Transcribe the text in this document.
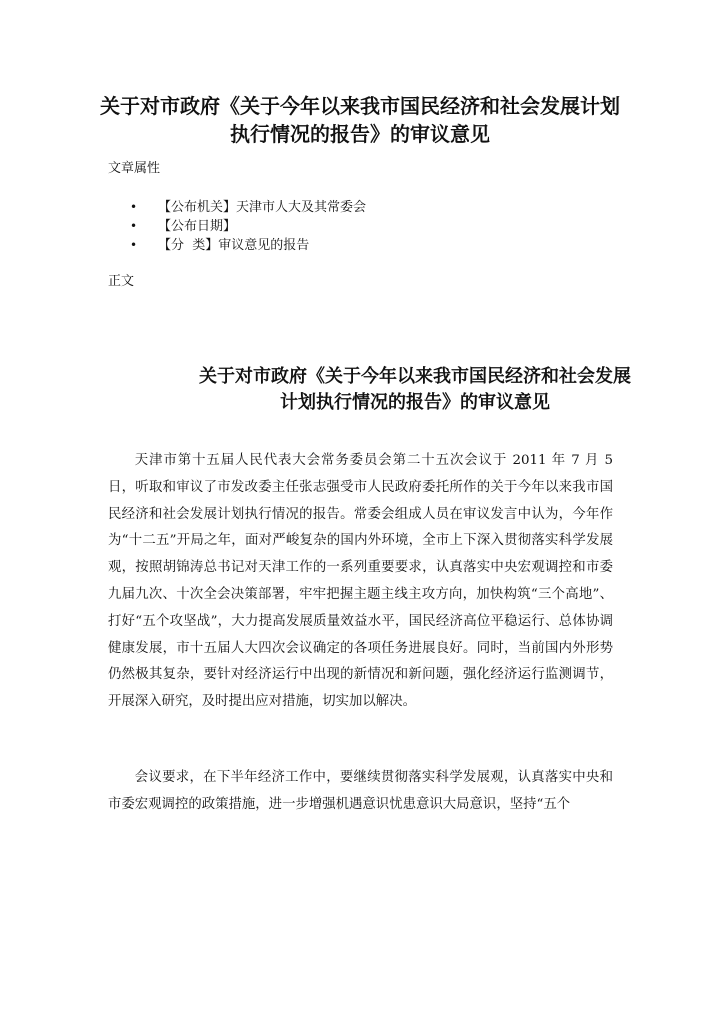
关于对市政府《关于今年以来我市国民经济和社会发展计划执行情况的报告》的审议意见

文章属性

• 【公布机关】天津市人大及其常委会
• 【公布日期】
• 【分  类】审议意见的报告

正文

关于对市政府《关于今年以来我市国民经济和社会发展计划执行情况的报告》的审议意见

天津市第十五届人民代表大会常务委员会第二十五次会议于 2011 年 7 月 5 日，听取和审议了市发改委主任张志强受市人民政府委托所作的关于今年以来我市国民经济和社会发展计划执行情况的报告。常委会组成人员在审议发言中认为，今年作为“十二五”开局之年，面对严峻复杂的国内外环境，全市上下深入贯彻落实科学发展观，按照胡锦涛总书记对天津工作的一系列重要要求，认真落实中央宏观调控和市委九届九次、十次全会决策部署，牢牢把握主题主线主攻方向，加快构筑“三个高地”、打好“五个攻坚战”，大力提高发展质量效益水平，国民经济高位平稳运行、总体协调健康发展，市十五届人大四次会议确定的各项任务进展良好。同时，当前国内外形势仍然极其复杂，要针对经济运行中出现的新情况和新问题，强化经济运行监测调节，开展深入研究，及时提出应对措施，切实加以解决。

会议要求，在下半年经济工作中，要继续贯彻落实科学发展观，认真落实中央和市委宏观调控的政策措施，进一步增强机遇意识忧患意识大局意识，坚持“五个
